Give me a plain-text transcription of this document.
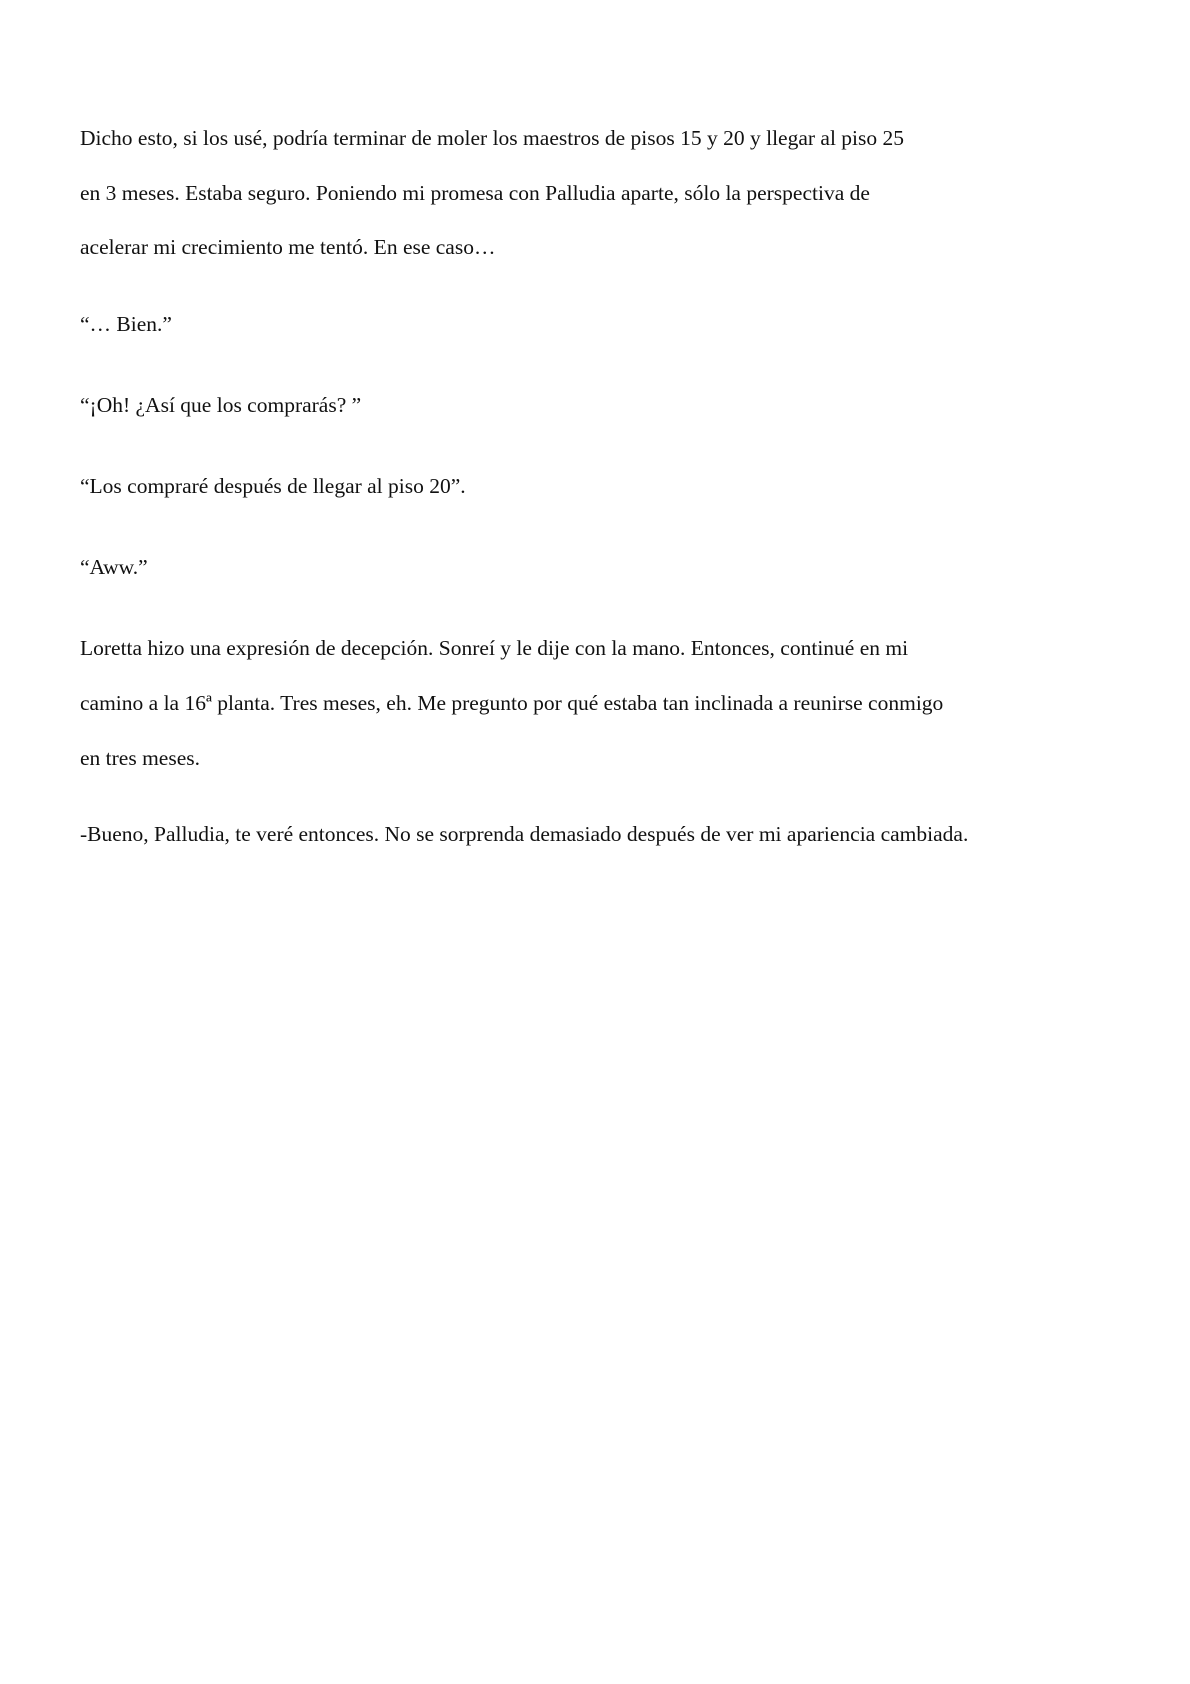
Dicho esto, si los usé, podría terminar de moler los maestros de pisos 15 y 20 y llegar al piso 25
en 3 meses. Estaba seguro. Poniendo mi promesa con Palludia aparte, sólo la perspectiva de
acelerar mi crecimiento me tentó. En ese caso…
“… Bien.”
“¡Oh! ¿Así que los comprarás? ”
“Los compraré después de llegar al piso 20”.
“Aww.”
Loretta hizo una expresión de decepción. Sonreí y le dije con la mano. Entonces, continué en mi
camino a la 16ª planta. Tres meses, eh. Me pregunto por qué estaba tan inclinada a reunirse conmigo
en tres meses.
-Bueno, Palludia, te veré entonces. No se sorprenda demasiado después de ver mi apariencia cambiada.
